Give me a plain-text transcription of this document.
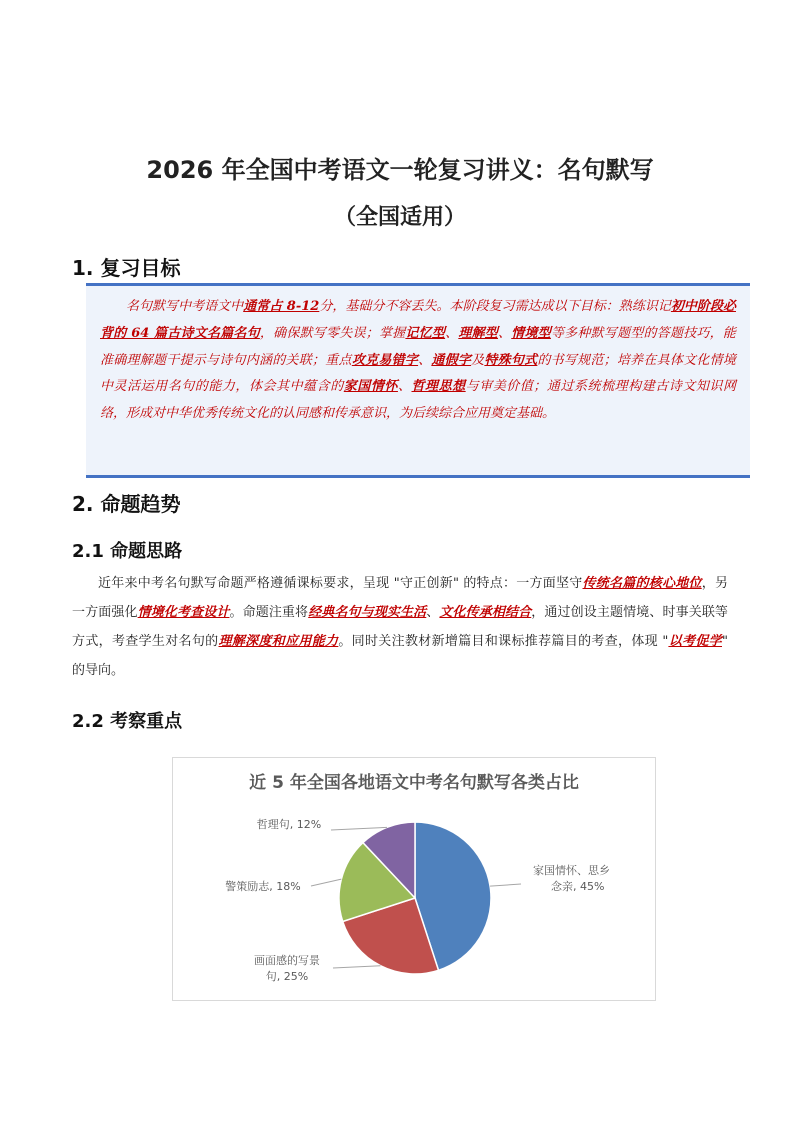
2026 年全国中考语文一轮复习讲义：名句默写
（全国适用）
1. 复习目标

名句默写中考语文中通常占 8-12分，基础分不容丢失。本阶段复习需达成以下目标：熟练识记初中阶段必背的 64 篇古诗文名篇名句，确保默写零失误；掌握记忆型、理解型、情境型等多种默写题型的答题技巧，能准确理解题干提示与诗句内涵的关联；重点攻克易错字、通假字及特殊句式的书写规范；培养在具体文化情境中灵活运用名句的能力，体会其中蕴含的家国情怀、哲理思想与审美价值；通过系统梳理构建古诗文知识网络，形成对中华优秀传统文化的认同感和传承意识，为后续综合应用奠定基础。

2. 命题趋势
2.1 命题思路

近年来中考名句默写命题严格遵循课标要求，呈现 "守正创新" 的特点：一方面坚守传统名篇的核心地位，另一方面强化情境化考查设计。命题注重将经典名句与现实生活、文化传承相结合，通过创设主题情境、时事关联等方式，考查学生对名句的理解深度和应用能力。同时关注教材新增篇目和课标推荐篇目的考查，体现 "以考促学" 的导向。

2.2 考察重点
近 5 年全国各地语文中考名句默写各类占比
家国情怀、思乡念亲, 45%
画面感的写景句, 25%
警策励志, 18%
哲理句, 12%
